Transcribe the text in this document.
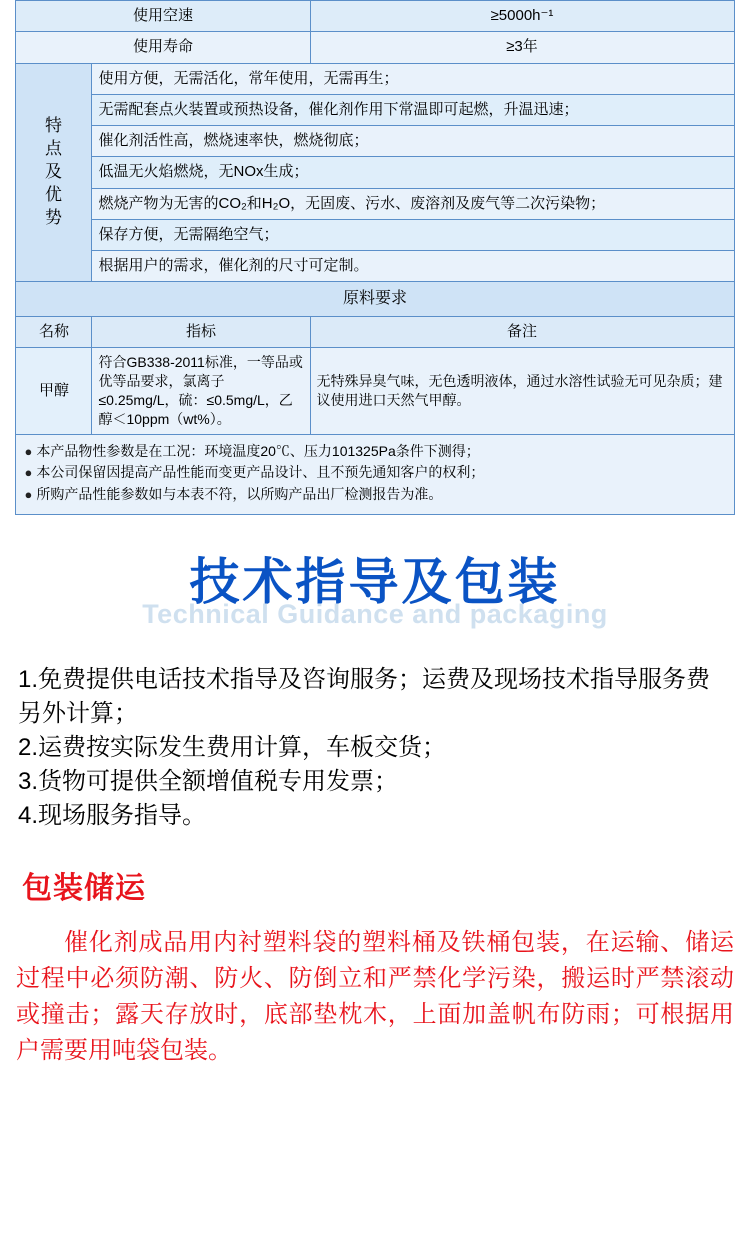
使用空速		≥5000h⁻¹
使用寿命		≥3年

特
点
及
优
势	使用方便，无需活化，常年使用，无需再生；	
	无需配套点火装置或预热设备，催化剂作用下常温即可起燃，升温迅速；	
	催化剂活性高，燃烧速率快，燃烧彻底；	
	低温无火焰燃烧，无NOx生成；	
	燃烧产物为无害的CO₂和H₂O，无固废、污水、废溶剂及废气等二次污染物；	
	保存方便，无需隔绝空气；	
	根据用户的需求，催化剂的尺寸可定制。	
原料要求		
名称	指标	备注
甲醇	符合GB338-2011标准，一等品或优等品要求，氯离子≤0.25mg/L，硫：≤0.5mg/L，乙醇＜10ppm（wt%）。	无特殊异臭气味，无色透明液体，通过水溶性试验无可见杂质；建议使用进口天然气甲醇。

● 本产品物性参数是在工况：环境温度20℃、压力101325Pa条件下测得；
● 本公司保留因提高产品性能而变更产品设计、且不预先通知客户的权利；
● 所购产品性能参数如与本表不符，以所购产品出厂检测报告为准。		
技术指导及包装
Technical Guidance and packaging
1.免费提供电话技术指导及咨询服务；运费及现场技术指导服务费另外计算；
2.运费按实际发生费用计算，车板交货；
3.货物可提供全额增值税专用发票；
4.现场服务指导。
包装储运
催化剂成品用内衬塑料袋的塑料桶及铁桶包装，在运输、储运过程中必须防潮、防火、防倒立和严禁化学污染，搬运时严禁滚动或撞击；露天存放时，底部垫枕木，上面加盖帆布防雨；可根据用户需要用吨袋包装。
